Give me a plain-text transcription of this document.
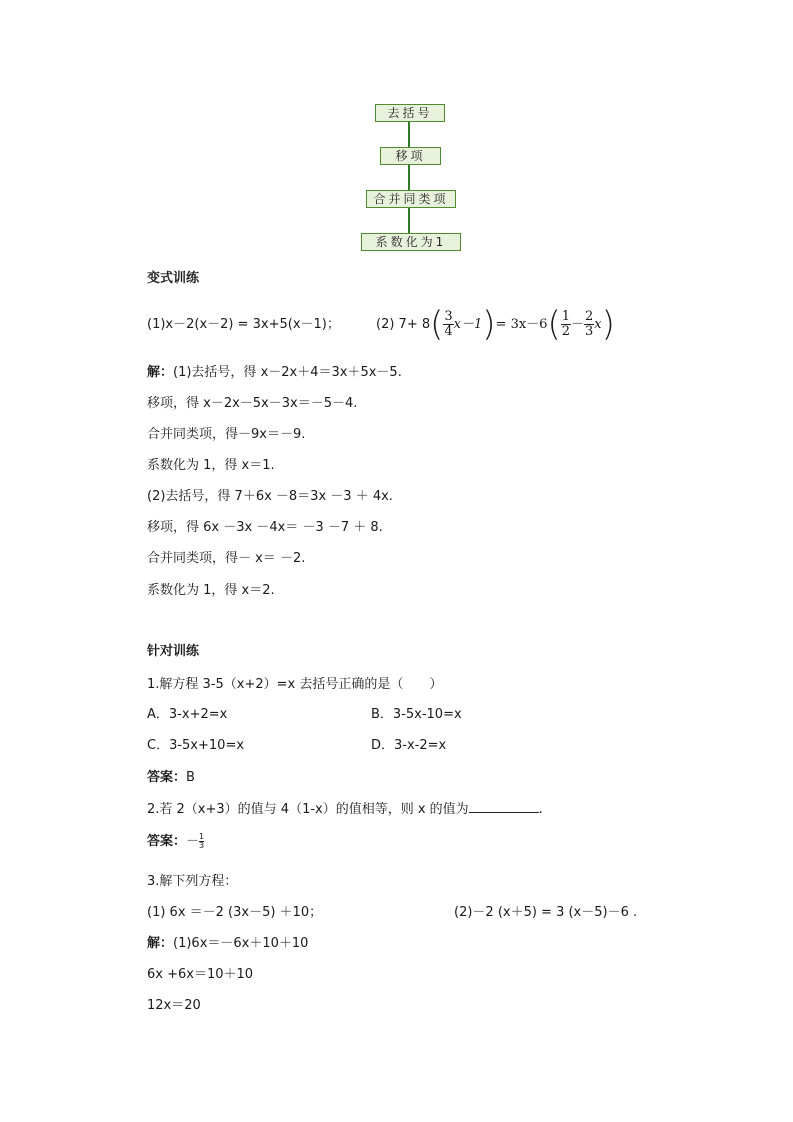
去括号
移项
合并同类项
系数化为1
变式训练
(1)x－2(x－2) = 3x+5(x－1)；	(2) $7+ 8( \frac{3}{4} x-1)= 3x-6( \frac{1}{2} - \frac{2}{3} x)$
解：(1)去括号，得 x－2x＋4＝3x＋5x－5.
移项，得 x－2x－5x－3x＝－5－4.
合并同类项，得－9x＝－9.
系数化为 1，得 x＝1.
(2)去括号，得 7＋6x －8＝3x －3 ＋ 4x.
移项，得 6x －3x －4x＝ －3 －7 ＋ 8.
合并同类项，得－ x＝ －2.
系数化为 1，得 x＝2.
针对训练
1.解方程 3-5（x+2）=x 去括号正确的是（　　）
A．3-x+2=x	B．3-5x-10=x
C．3-5x+10=x	D．3-x-2=x
答案：B
2.若 2（x+3）的值与 4（1-x）的值相等，则 x 的值为	.
答案：－ $\frac{1}{3}$
3.解下列方程：
(1) 6x ＝－2 (3x－5) ＋10；	(2)－2 (x＋5) = 3 (x－5)－6 .
解：(1)6x＝－6x＋10＋10
6x +6x＝10＋10
12x＝20
